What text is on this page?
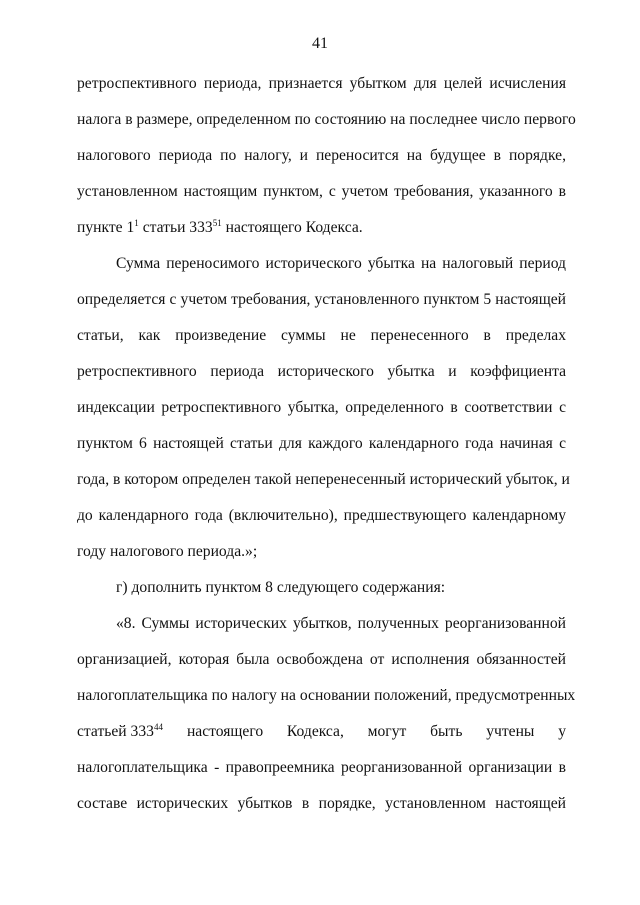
41
ретроспективного периода, признается убытком для целей исчисления
налога в размере, определенном по состоянию на последнее число первого
налогового периода по налогу, и переносится на будущее в порядке,
установленном настоящим пунктом, с учетом требования, указанного в
пункте $1^1$ статьи $333^{51}$ настоящего Кодекса.
Сумма переносимого исторического убытка на налоговый период
определяется с учетом требования, установленного пунктом 5 настоящей
статьи, как произведение суммы не перенесенного в пределах
ретроспективного периода исторического убытка и коэффициента
индексации ретроспективного убытка, определенного в соответствии с
пунктом 6 настоящей статьи для каждого календарного года начиная с
года, в котором определен такой неперенесенный исторический убыток, и
до календарного года (включительно), предшествующего календарному
году налогового периода.»;
г) дополнить пунктом 8 следующего содержания:
«8. Суммы исторических убытков, полученных реорганизованной
организацией, которая была освобождена от исполнения обязанностей
налогоплательщика по налогу на основании положений, предусмотренных
статьей $333^{44}$ настоящего Кодекса, могут быть учтены у
налогоплательщика - правопреемника реорганизованной организации в
составе исторических убытков в порядке, установленном настоящей
